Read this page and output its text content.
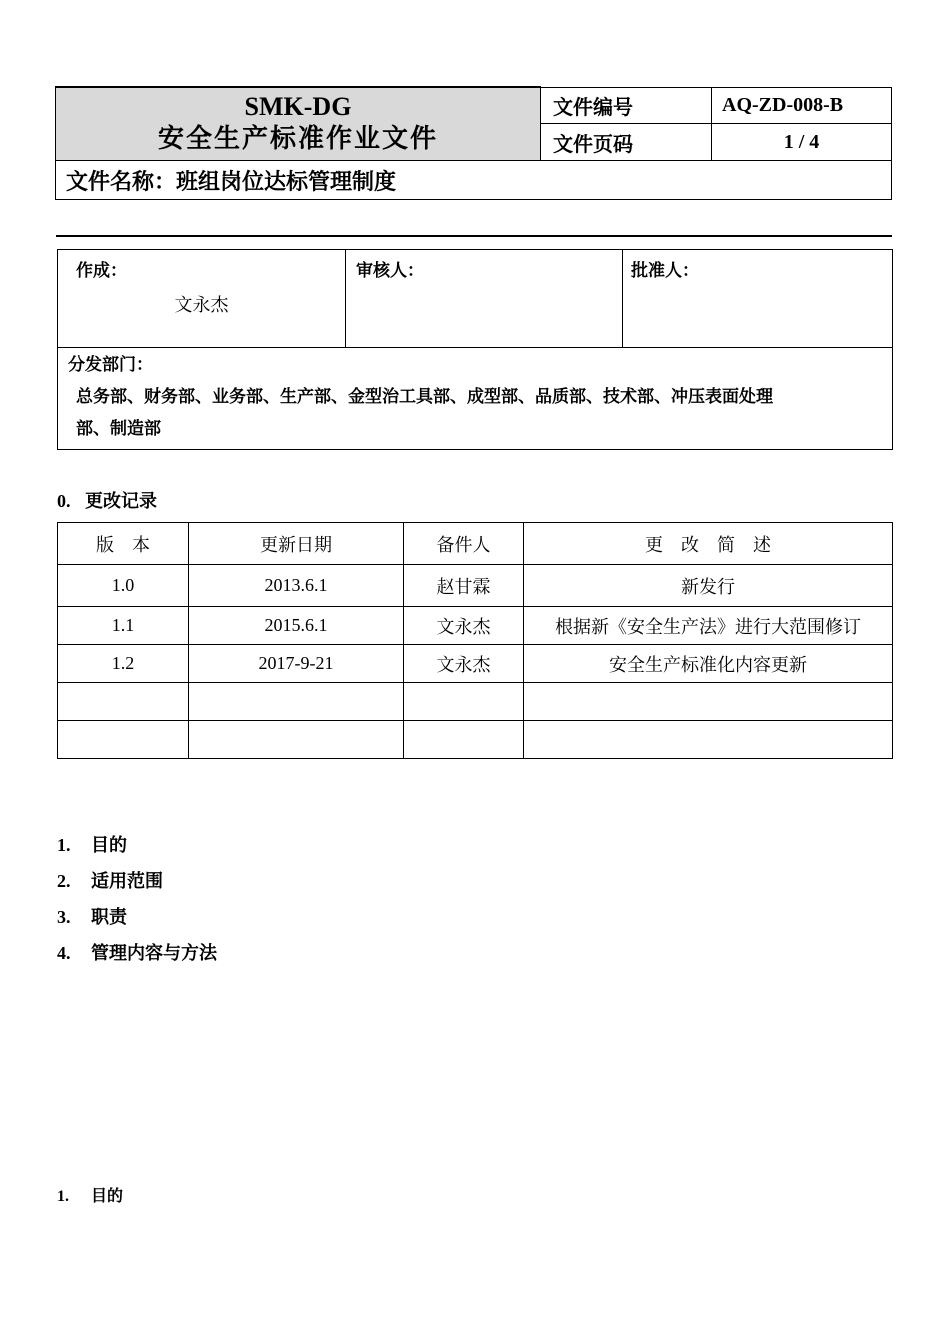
SMK-DG
安全生产标准作业文件	文件编号	AQ-ZD-008-B
	文件页码	1 / 4
文件名称：班组岗位达标管理制度		
作成：
文永杰

审核人：	批准人：

分发部门：
总务部、财务部、业务部、生产部、金型治工具部、成型部、品质部、技术部、冲压表面处理
部、制造部
0. 更改记录
版　本	更新日期	备件人	更　改　简　述
1.0	2013.6.1	赵甘霖	新发行
1.1	2015.6.1	文永杰	根据新《安全生产法》进行大范围修订
1.2	2017-9-21	文永杰	安全生产标准化内容更新

1. 目的
2. 适用范围
3. 职责
4. 管理内容与方法
1. 目的
